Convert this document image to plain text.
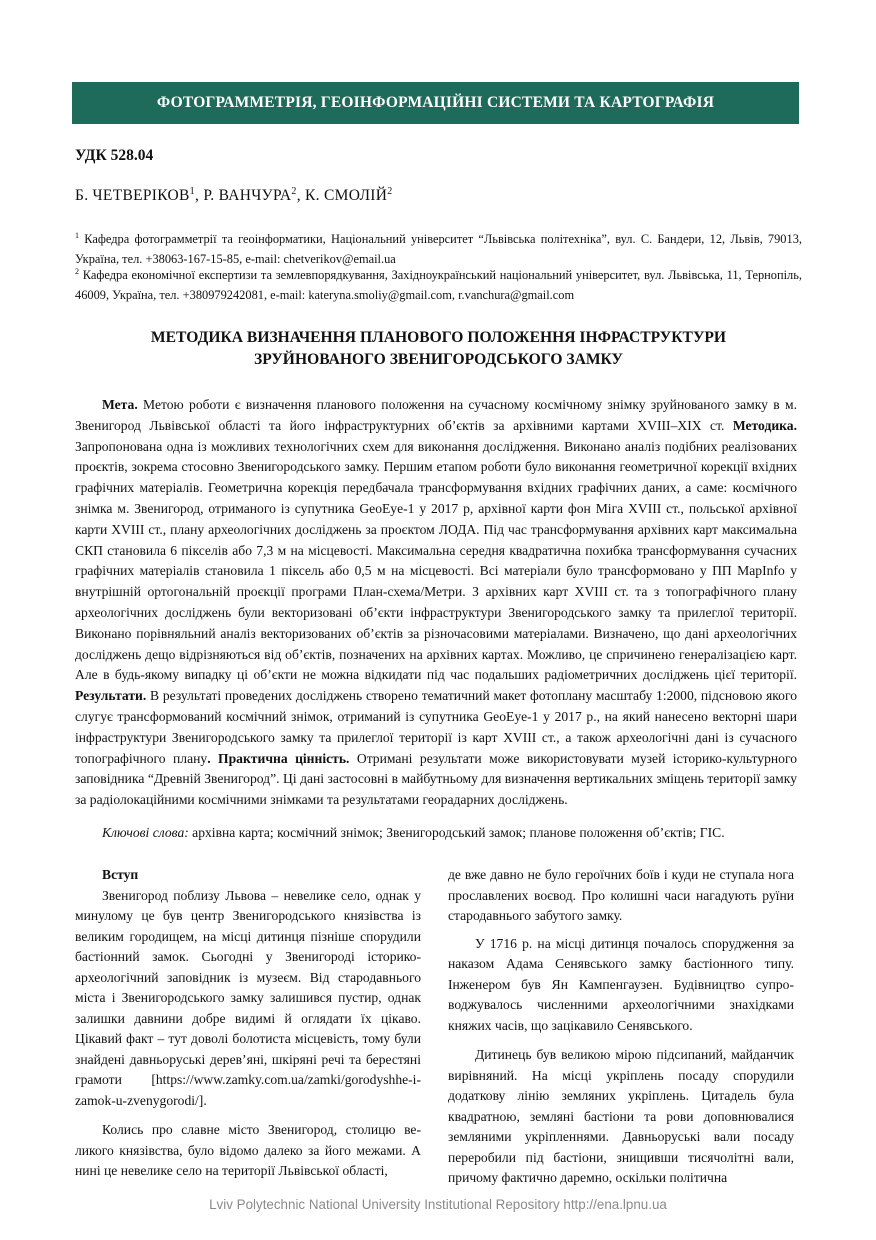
ФОТОГРАММЕТРІЯ, ГЕОІНФОРМАЦІЙНІ СИСТЕМИ ТА КАРТОГРАФІЯ
УДК 528.04
Б. ЧЕТВЕРІКОВ$^1$, Р. ВАНЧУРА$^2$, К. СМОЛІЙ$^2$
$^1$ Кафедра фотограмметрії та геоінформатики, Національний університет “Львівська політехніка”, вул. С. Бандери, 12, Львів, 79013, Україна, тел. +38063-167-15-85, e-mail: chetverikov@email.ua
$^2$ Кафедра економічної експертизи та землевпорядкування, Західноукраїнський національний університет, вул. Львівська, 11, Тернопіль, 46009, Україна, тел. +380979242081, e-mail: kateryna.smoliy@gmail.com, r.vanchura@gmail.com
МЕТОДИКА ВИЗНАЧЕННЯ ПЛАНОВОГО ПОЛОЖЕННЯ ІНФРАСТРУКТУРИ
ЗРУЙНОВАНОГО ЗВЕНИГОРОДСЬКОГО ЗАМКУ

Мета. Метою роботи є визначення планового положення на сучасному космічному знімку зруйнованого замку в м. Звенигород Львівської області та його інфраструктурних об’єктів за архівними картами XVIII–XIX ст. Методика. Запропонована одна із можливих технологічних схем для виконання дослідження. Виконано аналіз подібних реалізованих проєктів, зокрема стосовно Звенигородського замку. Першим етапом роботи було виконання геометричної корекції вхідних графічних матеріалів. Геометрична корекція передбачала трансформування вхідних графічних даних, а саме: космічного знімка м. Звенигород, отриманого із супутника GeoEye-1 у 2017 р, архівної карти фон Міга XVIII ст., польської архівної карти XVIII ст., плану археологічних досліджень за проєктом ЛОДА. Під час трансформування архівних карт максимальна СКП становила 6 пікселів або 7,3 м на місцевості. Максимальна середня квадратична похибка трансформування сучасних графічних матеріалів становила 1 піксель або 0,5 м на місцевості. Всі матеріали було трансформовано у ПП MapInfo у внутрішній ортогональній проєкції програми План-схема/Метри. З архівних карт XVIII ст. та з топографічного плану археологічних досліджень були векторизовані об’єкти інфраструктури Звенигородського замку та прилеглої території. Виконано порівняльний аналіз векторизованих об’єктів за різночасовими матеріалами. Визначено, що дані археологічних досліджень дещо відрізняються від об’єктів, позначених на архівних картах. Можливо, це спричинено генералізацією карт. Але в будь-якому випадку ці об’єкти не можна відкидати під час подальших радіометричних досліджень цієї території. Результати. В результаті проведених досліджень створено тематичний макет фотоплану масштабу 1:2000, підсновою якого слугує трансформований космічний знімок, отриманий із супутника GeoEye-1 у 2017 р., на який нанесено векторні шари інфраструктури Звенигородського замку та прилеглої території із карт XVIII ст., а також археологічні дані із сучасного топографічного плану. Практична цінність. Отримані результати може використовувати музей історико-культурного заповідника “Древній Звенигород”. Ці дані застосовні в майбутньому для визначення вертикальних зміщень території замку за радіолокаційними космічними знімками та результатами георадарних досліджень.

Ключові слова: архівна карта; космічний знімок; Звенигородський замок; планове положення об’єктів; ГІС.

Вступ

Звенигород поблизу Львова – невелике село, однак у минулому це був центр Звенигородського князівства із великим городищем, на місці дитинця пізніше спорудили бастіонний замок. Сьогодні у Звенигороді історико-археологічний заповідник із музеєм. Від стародавнього міста і Звенигородського замку залишився пустир, однак залишки давнини добре видимі й оглядати їх цікаво. Цікавий факт – тут доволі болотиста місцевість, тому були знайдені давньоруські дерев’яні, шкіряні речі та берестяні грамоти [https://www.zamky.com.ua/zamki/gorodyshhe-i-zamok-u-zvenygorodi/].

Колись про славне місто Звенигород, столицю великого князівства, було відомо далеко за його межами. А нині це невелике село на території Львівської області,

де вже давно не було героїчних боїв і куди не ступала нога прославлених воєвод. Про колишні часи нагадують руїни стародавнього забутого замку.

У 1716 р. на місці дитинця почалось спорудження за наказом Адама Сенявського замку бастіонного типу. Інженером був Ян Кампенгаузен. Будівництво супроводжувалось численними археологічними знахідками княжих часів, що зацікавило Сенявського.

Дитинець був великою мірою підсипаний, майданчик вирівняний. На місці укріплень посаду спорудили додаткову лінію земляних укріплень. Цитадель була квадратною, земляні бастіони та рови доповнювалися земляними укріпленнями. Давньоруські вали посаду переробили під бастіони, знищивши тисячолітні вали, причому фактично даремно, оскільки політична

Lviv Polytechnic National University Institutional Repository http://ena.lpnu.ua
